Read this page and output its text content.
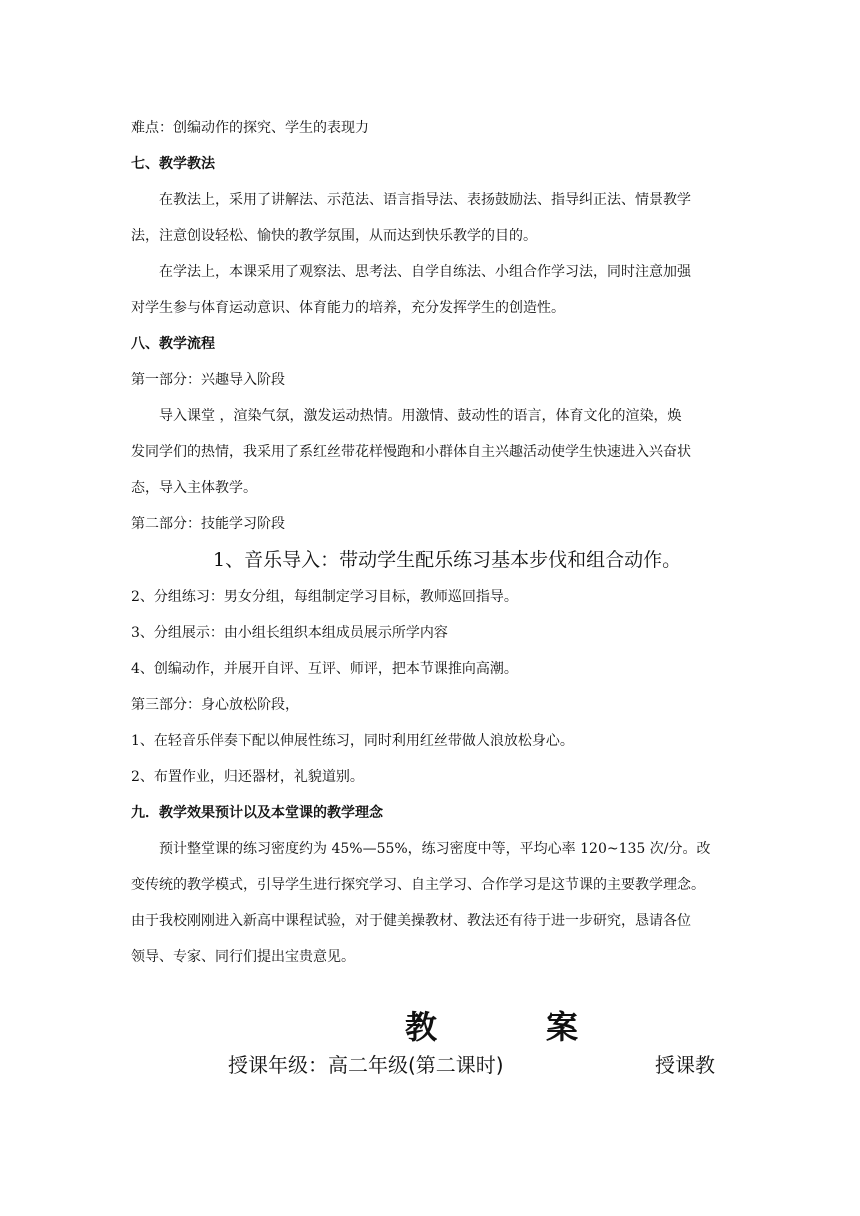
难点：创编动作的探究、学生的表现力
七、教学教法
在教法上，采用了讲解法、示范法、语言指导法、表扬鼓励法、指导纠正法、情景教学
法，注意创设轻松、愉快的教学氛围，从而达到快乐教学的目的。
在学法上，本课采用了观察法、思考法、自学自练法、小组合作学习法，同时注意加强
对学生参与体育运动意识、体育能力的培养，充分发挥学生的创造性。
八、教学流程
第一部分：兴趣导入阶段
导入课堂 ，渲染气氛，激发运动热情。用激情、鼓动性的语言，体育文化的渲染，焕
发同学们的热情，我采用了系红丝带花样慢跑和小群体自主兴趣活动使学生快速进入兴奋状
态，导入主体教学。
第二部分：技能学习阶段
1、音乐导入：带动学生配乐练习基本步伐和组合动作。
2、分组练习：男女分组，每组制定学习目标，教师巡回指导。
3、分组展示：由小组长组织本组成员展示所学内容
4、创编动作，并展开自评、互评、师评，把本节课推向高潮。
第三部分：身心放松阶段，
1、在轻音乐伴奏下配以伸展性练习，同时利用红丝带做人浪放松身心。
2、布置作业，归还器材，礼貌道别。
九．教学效果预计以及本堂课的教学理念
预计整堂课的练习密度约为 45%—55%，练习密度中等，平均心率 120~135 次/分。改
变传统的教学模式，引导学生进行探究学习、自主学习、合作学习是这节课的主要教学理念。
由于我校刚刚进入新高中课程试验，对于健美操教材、教法还有待于进一步研究，恳请各位
领导、专家、同行们提出宝贵意见。
教	案
授课年级：高二年级(第二课时)	授课教
